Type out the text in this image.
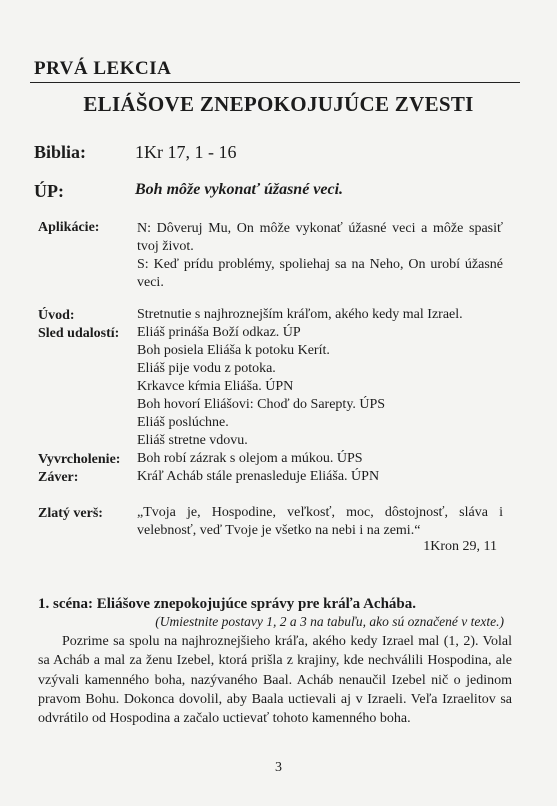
PRVÁ LEKCIA
ELIÁŠOVE ZNEPOKOJUJÚCE ZVESTI
Biblia:	1Kr 17, 1 - 16
ÚP:	Boh môže vykonať úžasné veci.
Aplikácie:	N: Dôveruj Mu, On môže vykonať úžasné veci a môže spasiť tvoj život.
S: Keď prídu problémy, spoliehaj sa na Neho, On urobí úžasné veci.
Úvod:	Stretnutie s najhroznejším kráľom, akého kedy mal Izrael.
Sled udalostí: Eliáš prináša Boží odkaz. ÚP
Boh posiela Eliáša k potoku Kerít.
Eliáš pije vodu z potoka.
Krkavce kŕmia Eliáša. ÚPN
Boh hovorí Eliášovi: Choď do Sarepty. ÚPS
Eliáš poslúchne.
Eliáš stretne vdovu.
Vyvrcholenie: Boh robí zázrak s olejom a múkou. ÚPS
Záver:	Kráľ Acháb stále prenasleduje Eliáša. ÚPN
Zlatý verš: „Tvoja je, Hospodine, veľkosť, moc, dôstojnosť, sláva i velebnosť, veď Tvoje je všetko na nebi i na zemi.“
1Kron 29, 11
1. scéna: Eliášove znepokojujúce správy pre kráľa Achába.
(Umiestnite postavy 1, 2 a 3 na tabuľu, ako sú označené v texte.)
Pozrime sa spolu na najhroznejšieho kráľa, akého kedy Izrael mal (1, 2). Volal sa Acháb a mal za ženu Izebel, ktorá prišla z krajiny, kde nechválili Hospodina, ale vzývali kamenného boha, nazývaného Baal. Acháb nenaučil Izebel nič o jedinom pravom Bohu. Dokonca dovolil, aby Baala uctievali aj v Izraeli. Veľa Izraelitov sa odvrátilo od Hospodina a začalo uctievať tohoto kamenného boha.
3
